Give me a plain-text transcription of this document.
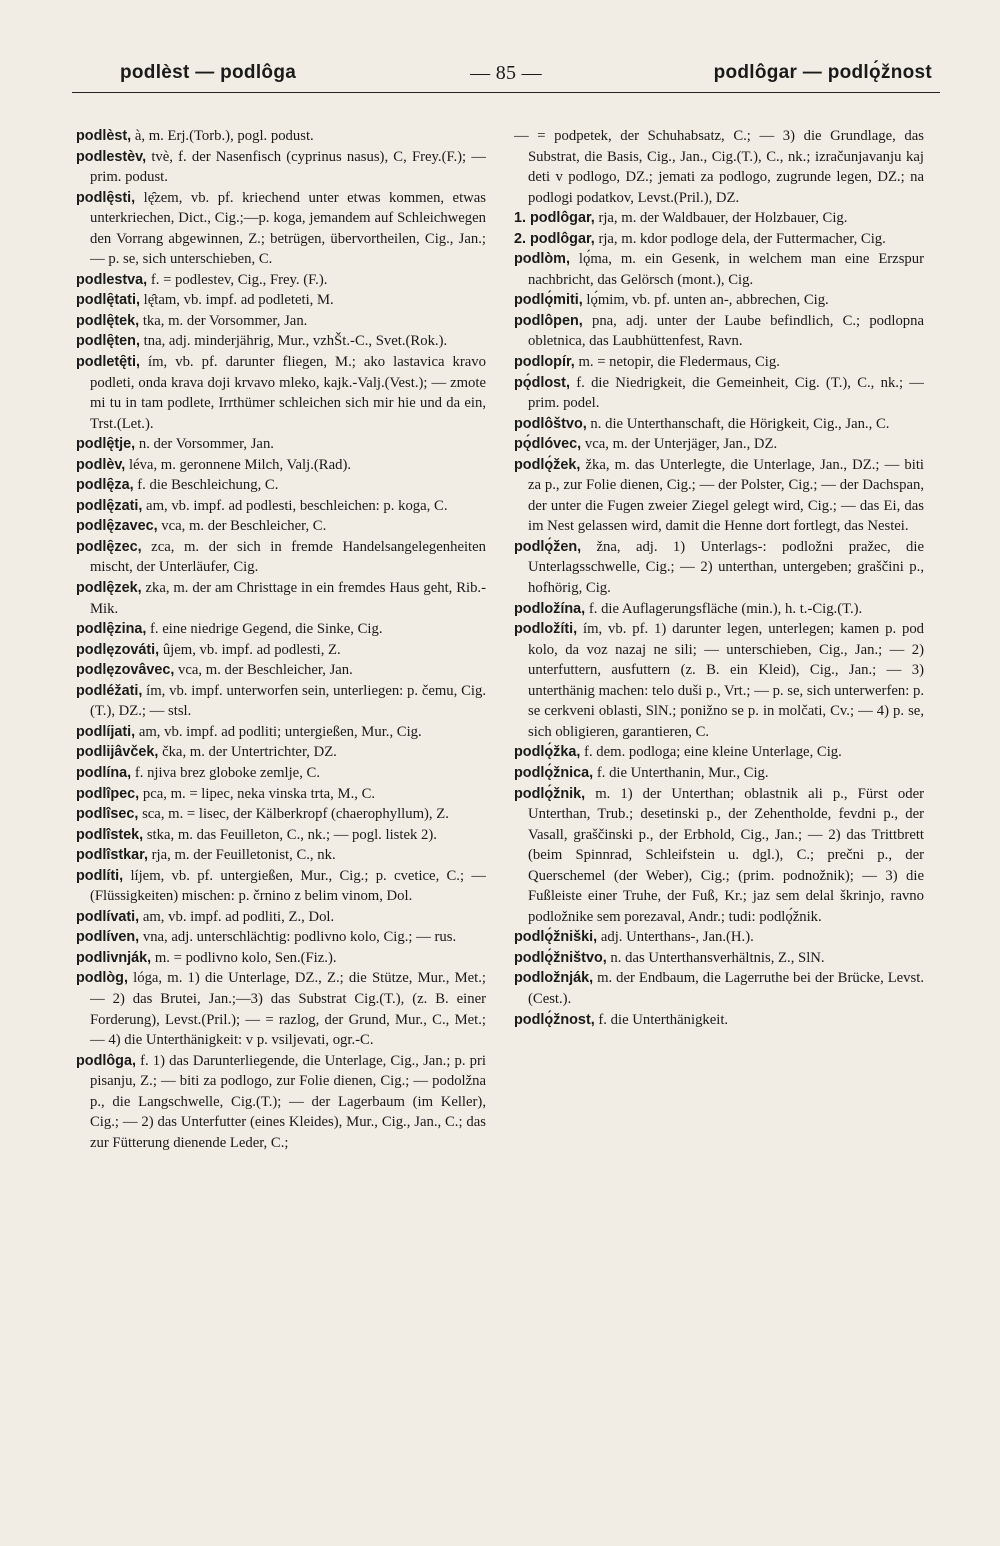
podlèst — podlôga	— 85 —	podlôgar — podlǫ́žnost

podlèst, à, m. Erj.(Torb.), pogl. podust.

podlestèv, tvè, f. der Nasenfisch (cyprinus nasus), C, Frey.(F.); — prim. podust.

podlę̑sti, lę̑zem, vb. pf. kriechend unter etwas kommen, etwas unterkriechen, Dict., Cig.;—p. koga, jemandem auf Schleichwegen den Vorrang abgewinnen, Z.; betrügen, übervortheilen, Cig., Jan.; — p. se, sich unterschieben, C.

podlestva, f. = podlestev, Cig., Frey. (F.).

podlę̑tati, lę̑tam, vb. impf. ad podleteti, M.

podlę̑tek, tka, m. der Vorsommer, Jan.

podlę̑ten, tna, adj. minderjährig, Mur., vzhŠt.-C., Svet.(Rok.).

podletę̑ti, ím, vb. pf. darunter fliegen, M.; ako lastavica kravo podleti, onda krava doji krvavo mleko, kajk.-Valj.(Vest.); — zmote mi tu in tam podlete, Irrthümer schleichen sich mir hie und da ein, Trst.(Let.).

podlę̑tje, n. der Vorsommer, Jan.

podlèv, léva, m. geronnene Milch, Valj.(Rad).

podlę̑za, f. die Beschleichung, C.

podlę̑zati, am, vb. impf. ad podlesti, beschleichen: p. koga, C.

podlę̑zavec, vca, m. der Beschleicher, C.

podlę̑zec, zca, m. der sich in fremde Handelsangelegenheiten mischt, der Unterläufer, Cig.

podlę̑zek, zka, m. der am Christtage in ein fremdes Haus geht, Rib.-Mik.

podlę̑zina, f. eine niedrige Gegend, die Sinke, Cig.

podlęzováti, ûjem, vb. impf. ad podlesti, Z.

podlęzovâvec, vca, m. der Beschleicher, Jan.

podléžati, ím, vb. impf. unterworfen sein, unterliegen: p. čemu, Cig.(T.), DZ.; — stsl.

podlíjati, am, vb. impf. ad podliti; untergießen, Mur., Cig.

podlijâvček, čka, m. der Untertrichter, DZ.

podlína, f. njiva brez globoke zemlje, C.

podlîpec, pca, m. = lipec, neka vinska trta, M., C.

podlîsec, sca, m. = lisec, der Kälberkropf (chaerophyllum), Z.

podlîstek, stka, m. das Feuilleton, C., nk.; — pogl. listek 2).

podlîstkar, rja, m. der Feuilletonist, C., nk.

podlíti, líjem, vb. pf. untergießen, Mur., Cig.; p. cvetice, C.; — (Flüssigkeiten) mischen: p. črnino z belim vinom, Dol.

podlívati, am, vb. impf. ad podliti, Z., Dol.

podlíven, vna, adj. unterschlächtig: podlivno kolo, Cig.; — rus.

podlivnják, m. = podlivno kolo, Sen.(Fiz.).

podlòg, lóga, m. 1) die Unterlage, DZ., Z.; die Stütze, Mur., Met.; — 2) das Brutei, Jan.;—3) das Substrat Cig.(T.), (z. B. einer Forderung), Levst.(Pril.); — = razlog, der Grund, Mur., C., Met.; — 4) die Unterthänigkeit: v p. vsiljevati, ogr.-C.

podlôga, f. 1) das Darunterliegende, die Unterlage, Cig., Jan.; p. pri pisanju, Z.; — biti za podlogo, zur Folie dienen, Cig.; — podolžna p., die Langschwelle, Cig.(T.); — der Lagerbaum (im Keller), Cig.; — 2) das Unterfutter (eines Kleides), Mur., Cig., Jan., C.; das zur Fütterung dienende Leder, C.;

— = podpetek, der Schuhabsatz, C.; — 3) die Grundlage, das Substrat, die Basis, Cig., Jan., Cig.(T.), C., nk.; izračunjavanju kaj deti v podlogo, DZ.; jemati za podlogo, zugrunde legen, DZ.; na podlogi podatkov, Levst.(Pril.), DZ.

1. podlôgar, rja, m. der Waldbauer, der Holzbauer, Cig.

2. podlôgar, rja, m. kdor podloge dela, der Futtermacher, Cig.

podlòm, lǫ́ma, m. ein Gesenk, in welchem man eine Erzspur nachbricht, das Gelörsch (mont.), Cig.

podlǫ́miti, lǫ́mim, vb. pf. unten an-, abbrechen, Cig.

podlôpen, pna, adj. unter der Laube befindlich, C.; podlopna obletnica, das Laubhüttenfest, Ravn.

podlopír, m. = netopir, die Fledermaus, Cig.

pǫ́dlost, f. die Niedrigkeit, die Gemeinheit, Cig. (T.), C., nk.; — prim. podel.

podlôštvo, n. die Unterthanschaft, die Hörigkeit, Cig., Jan., C.

pǫ́dlóvec, vca, m. der Unterjäger, Jan., DZ.

podlǫ́žek, žka, m. das Unterlegte, die Unterlage, Jan., DZ.; — biti za p., zur Folie dienen, Cig.; — der Polster, Cig.; — der Dachspan, der unter die Fugen zweier Ziegel gelegt wird, Cig.; — das Ei, das im Nest gelassen wird, damit die Henne dort fortlegt, das Nestei.

podlǫ́žen, žna, adj. 1) Unterlags-: podložni pražec, die Unterlagsschwelle, Cig.; — 2) unterthan, untergeben; graščini p., hofhörig, Cig.

podložína, f. die Auflagerungsfläche (min.), h. t.-Cig.(T.).

podložíti, ím, vb. pf. 1) darunter legen, unterlegen; kamen p. pod kolo, da voz nazaj ne sili; — unterschieben, Cig., Jan.; — 2) unterfuttern, ausfuttern (z. B. ein Kleid), Cig., Jan.; — 3) unterthänig machen: telo duši p., Vrt.; — p. se, sich unterwerfen: p. se cerkveni oblasti, SlN.; ponižno se p. in molčati, Cv.; — 4) p. se, sich obligieren, garantieren, C.

podlǫ́žka, f. dem. podloga; eine kleine Unterlage, Cig.

podlǫ́žnica, f. die Unterthanin, Mur., Cig.

podlǫ́žnik, m. 1) der Unterthan; oblastnik ali p., Fürst oder Unterthan, Trub.; desetinski p., der Zehentholde, fevdni p., der Vasall, graščinski p., der Erbhold, Cig., Jan.; — 2) das Trittbrett (beim Spinnrad, Schleifstein u. dgl.), C.; prečni p., der Querschemel (der Weber), Cig.; (prim. podnožnik); — 3) die Fußleiste einer Truhe, der Fuß, Kr.; jaz sem delal škrinjo, ravno podložnike sem porezaval, Andr.; tudi: podlǫ́žnik.

podlǫ́žniški, adj. Unterthans-, Jan.(H.).

podlǫ́žništvo, n. das Unterthansverhältnis, Z., SlN.

podložnják, m. der Endbaum, die Lagerruthe bei der Brücke, Levst.(Cest.).

podlǫ́žnost, f. die Unterthänigkeit.
